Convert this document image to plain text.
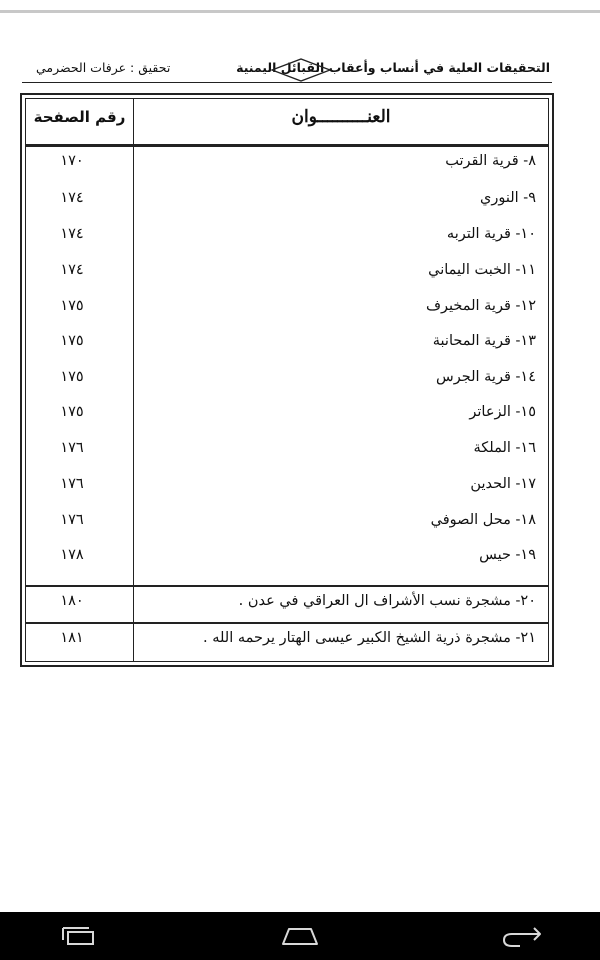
التحقيقات العلية في أنساب وأعقاب القبائل اليمنية
تحقيق : عرفات الحضرمي
العنــــــــــوان
رقم الصفحة
٨- قرية القرتب
١٧٠
٩- النوري
١٧٤
١٠- قرية التربه
١٧٤
١١- الخبت اليماني
١٧٤
١٢- قرية المخيرف
١٧٥
١٣- قرية المحانبة
١٧٥
١٤- قرية الجرس
١٧٥
١٥- الزعاتر
١٧٥
١٦- الملكة
١٧٦
١٧- الحدين
١٧٦
١٨- محل الصوفي
١٧٦
١٩- حيس
١٧٨
٢٠- مشجرة نسب الأشراف ال العراقي في عدن .
١٨٠
٢١- مشجرة ذرية الشيخ الكبير عيسى الهتار يرحمه الله .
١٨١
